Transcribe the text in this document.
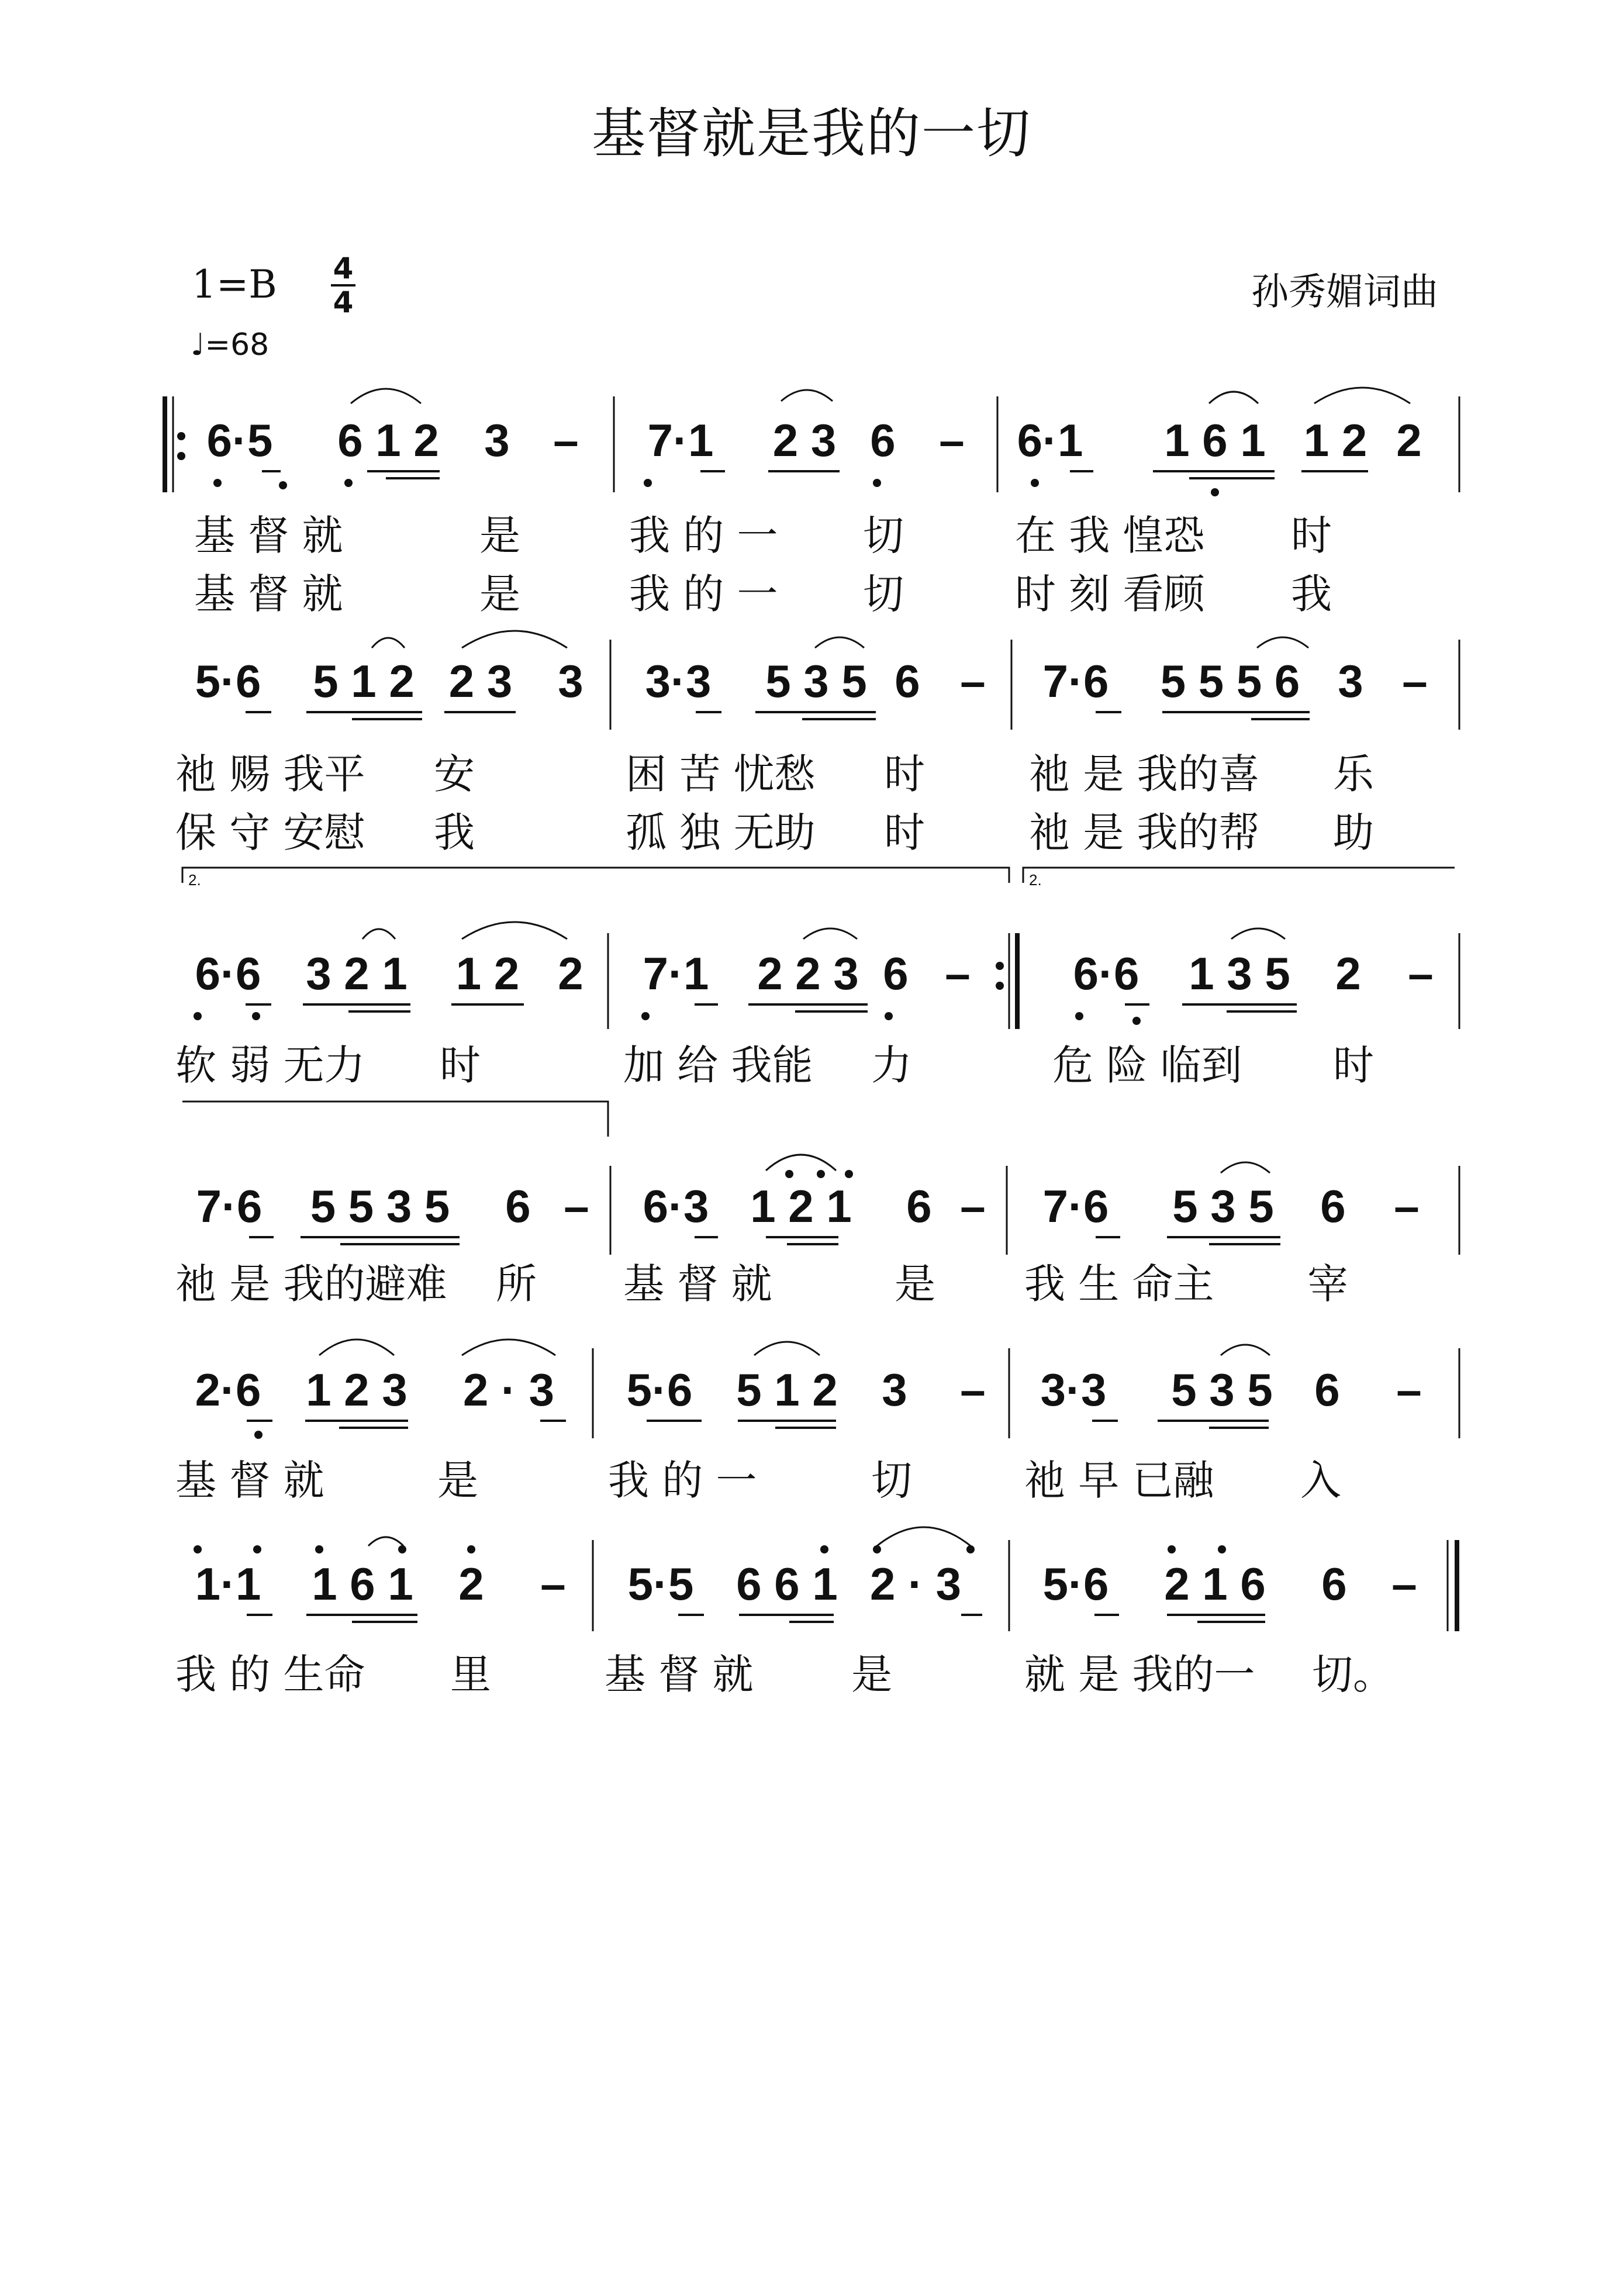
基督就是我的一切
1=B 4
4
♩=68
孙秀媚词曲
2.	2.
6·5 6 1 2 3 – 7·1 2 3 6 – 6·1 1 6 1 1 2 2
基 督 就	是	我 的 一 切	在 我 惶恐 时
基 督 就	是	我 的 一 切	时 刻 看顾 我
5·6 5 1 2 2 3 3 3·3 5 3 5 6 – 7·6 5 5 5 6 3 –
祂 赐 我平 安	困 苦 忧愁 时	祂 是 我的喜 乐
保 守 安慰 我	孤 独 无助 时	祂 是 我的帮 助
6·6 3 2 1 1 2 2 7·1 2 2 3 6 – 6·6 1 3 5 2 –
软 弱 无力 时	加 给 我能 力	危 险 临到 时
7·6 5 5 3 5 6 – 6·3 1 2 1 6 – 7·6 5 3 5 6 –
祂 是 我的避难 所 基 督 就	是 我 生 命主 宰
2·6 1 2 3 2 · 3 5·6 5 1 2 3 – 3·3 5 3 5 6 –
基 督 就	是	我 的 一	切	祂 早 已融 入
1·1 1 6 1 2 – 5·5 6 6 1 2 · 3 5·6 2 1 6 6 –
我 的 生命 里	基 督 就 是	就 是 我的一 切。
